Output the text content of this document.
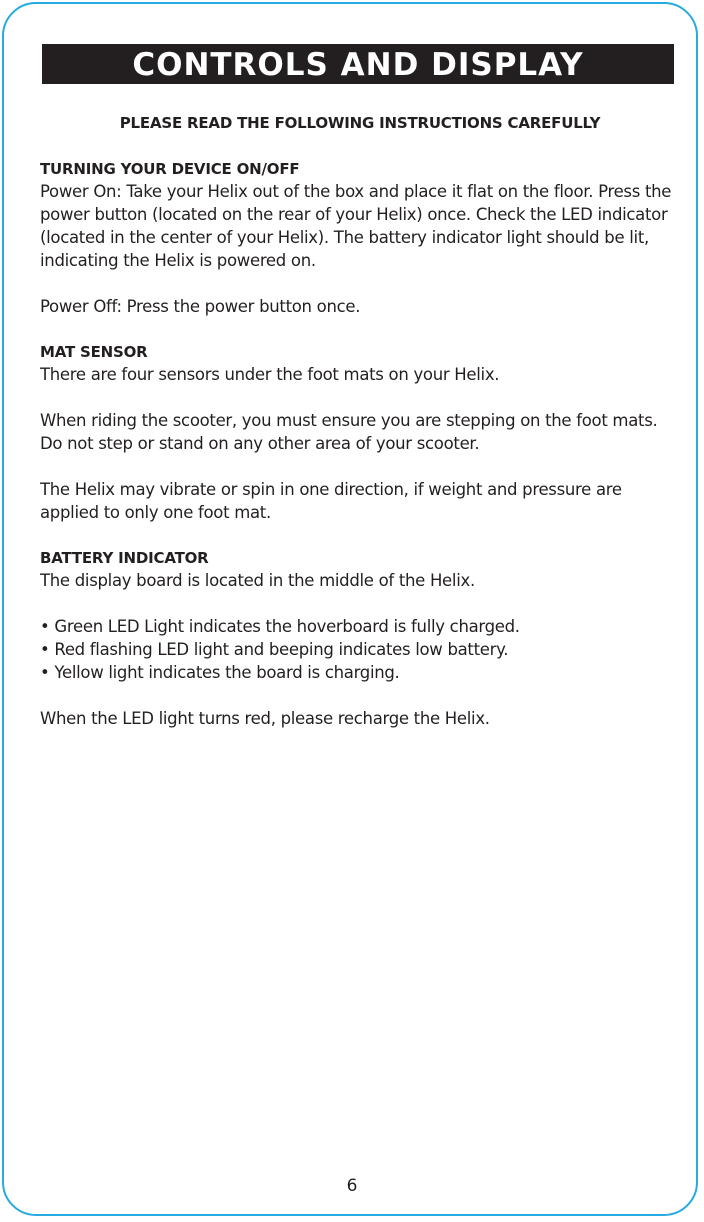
CONTROLS AND DISPLAY

PLEASE READ THE FOLLOWING INSTRUCTIONS CAREFULLY

TURNING YOUR DEVICE ON/OFF

Power On: Take your Helix out of the box and place it flat on the floor. Press the power button (located on the rear of your Helix) once. Check the LED indicator (located in the center of your Helix). The battery indicator light should be lit, indicating the Helix is powered on.

Power Off: Press the power button once.

MAT SENSOR

There are four sensors under the foot mats on your Helix.

When riding the scooter, you must ensure you are stepping on the foot mats. Do not step or stand on any other area of your scooter.

The Helix may vibrate or spin in one direction, if weight and pressure are applied to only one foot mat.

BATTERY INDICATOR

The display board is located in the middle of the Helix.

• Green LED Light indicates the hoverboard is fully charged.
• Red flashing LED light and beeping indicates low battery.
• Yellow light indicates the board is charging.

When the LED light turns red, please recharge the Helix.

6
